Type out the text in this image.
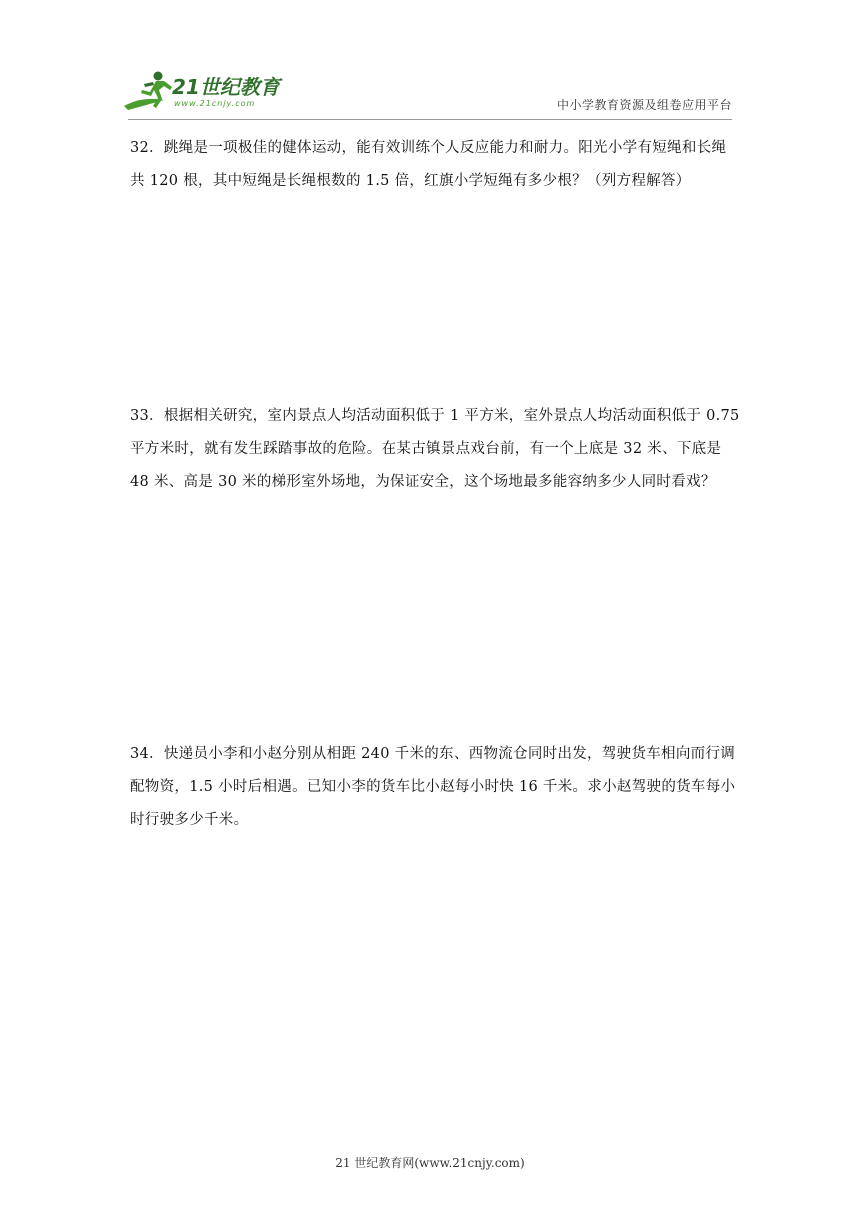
21世纪教育
www.21cnjy.com	中小学教育资源及组卷应用平台
32．跳绳是一项极佳的健体运动，能有效训练个人反应能力和耐力。阳光小学有短绳和长绳
共 120 根，其中短绳是长绳根数的 1.5 倍，红旗小学短绳有多少根？（列方程解答）
33．根据相关研究，室内景点人均活动面积低于 1 平方米，室外景点人均活动面积低于 0.75
平方米时，就有发生踩踏事故的危险。在某古镇景点戏台前，有一个上底是 32 米、下底是
48 米、高是 30 米的梯形室外场地，为保证安全，这个场地最多能容纳多少人同时看戏？
34．快递员小李和小赵分别从相距 240 千米的东、西物流仓同时出发，驾驶货车相向而行调
配物资，1.5 小时后相遇。已知小李的货车比小赵每小时快 16 千米。求小赵驾驶的货车每小
时行驶多少千米。
21 世纪教育网(www.21cnjy.com)
